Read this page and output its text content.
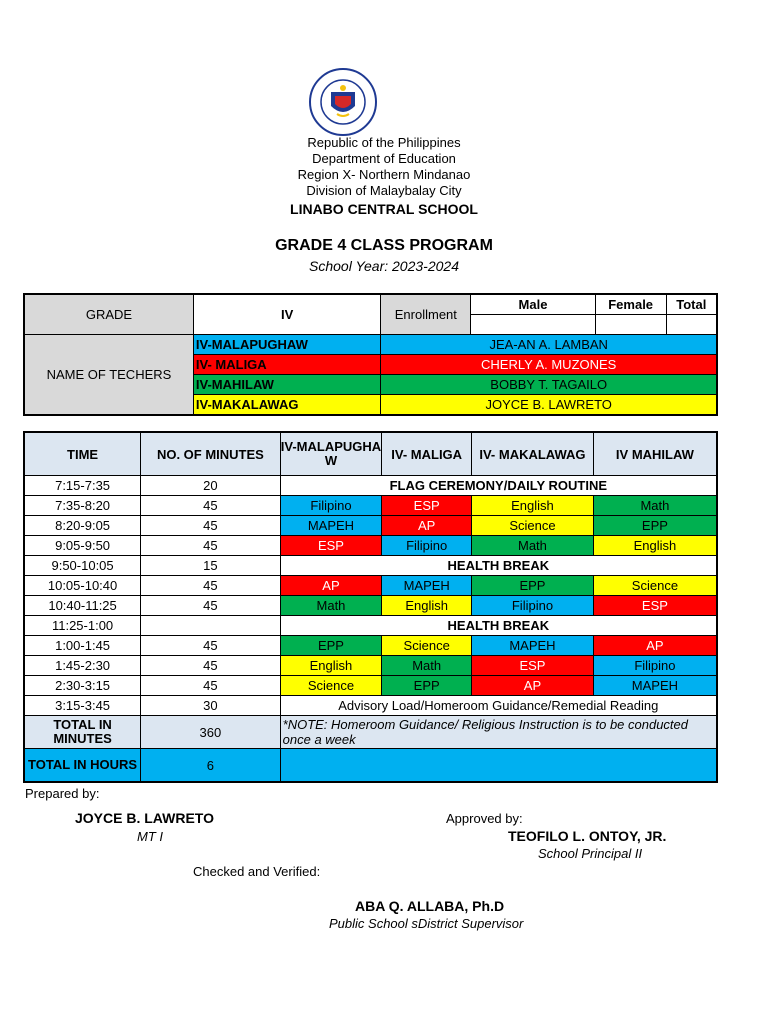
Republic of the Philippines
Department of Education
Region X- Northern Mindanao
Division of Malaybalay City
LINABO CENTRAL SCHOOL
GRADE 4 CLASS PROGRAM
School Year: 2023-2024
GRADE	IV	Enrollment	Male	Female	Total

NAME OF TECHERS	IV-MALAPUGHAW	JEA-AN A. LAMBAN			
	IV- MALIGA	CHERLY A. MUZONES			
	IV-MAHILAW	BOBBY T. TAGAILO			
	IV-MAKALAWAG	JOYCE B. LAWRETO			
TIME	NO. OF MINUTES	IV-MALAPUGHAW	IV- MALIGA	IV- MAKALAWAG	IV MAHILAW
7:15-7:35	20	FLAG CEREMONY/DAILY ROUTINE			
7:35-8:20	45	Filipino	ESP	English	Math
8:20-9:05	45	MAPEH	AP	Science	EPP
9:05-9:50	45	ESP	Filipino	Math	English
9:50-10:05	15	HEALTH BREAK			
10:05-10:40	45	AP	MAPEH	EPP	Science
10:40-11:25	45	Math	English	Filipino	ESP
11:25-1:00		HEALTH BREAK			
1:00-1:45	45	EPP	Science	MAPEH	AP
1:45-2:30	45	English	Math	ESP	Filipino
2:30-3:15	45	Science	EPP	AP	MAPEH
3:15-3:45	30	Advisory Load/Homeroom Guidance/Remedial Reading			
TOTAL IN MINUTES	360	*NOTE: Homeroom Guidance/ Religious Instruction is to be conducted once a week			
TOTAL IN HOURS	6				
Prepared by:
JOYCE B. LAWRETO
MT I
Approved by:
TEOFILO L. ONTOY, JR.
School Principal II
Checked and Verified:
ABA Q. ALLABA, Ph.D
Public School sDistrict Supervisor
